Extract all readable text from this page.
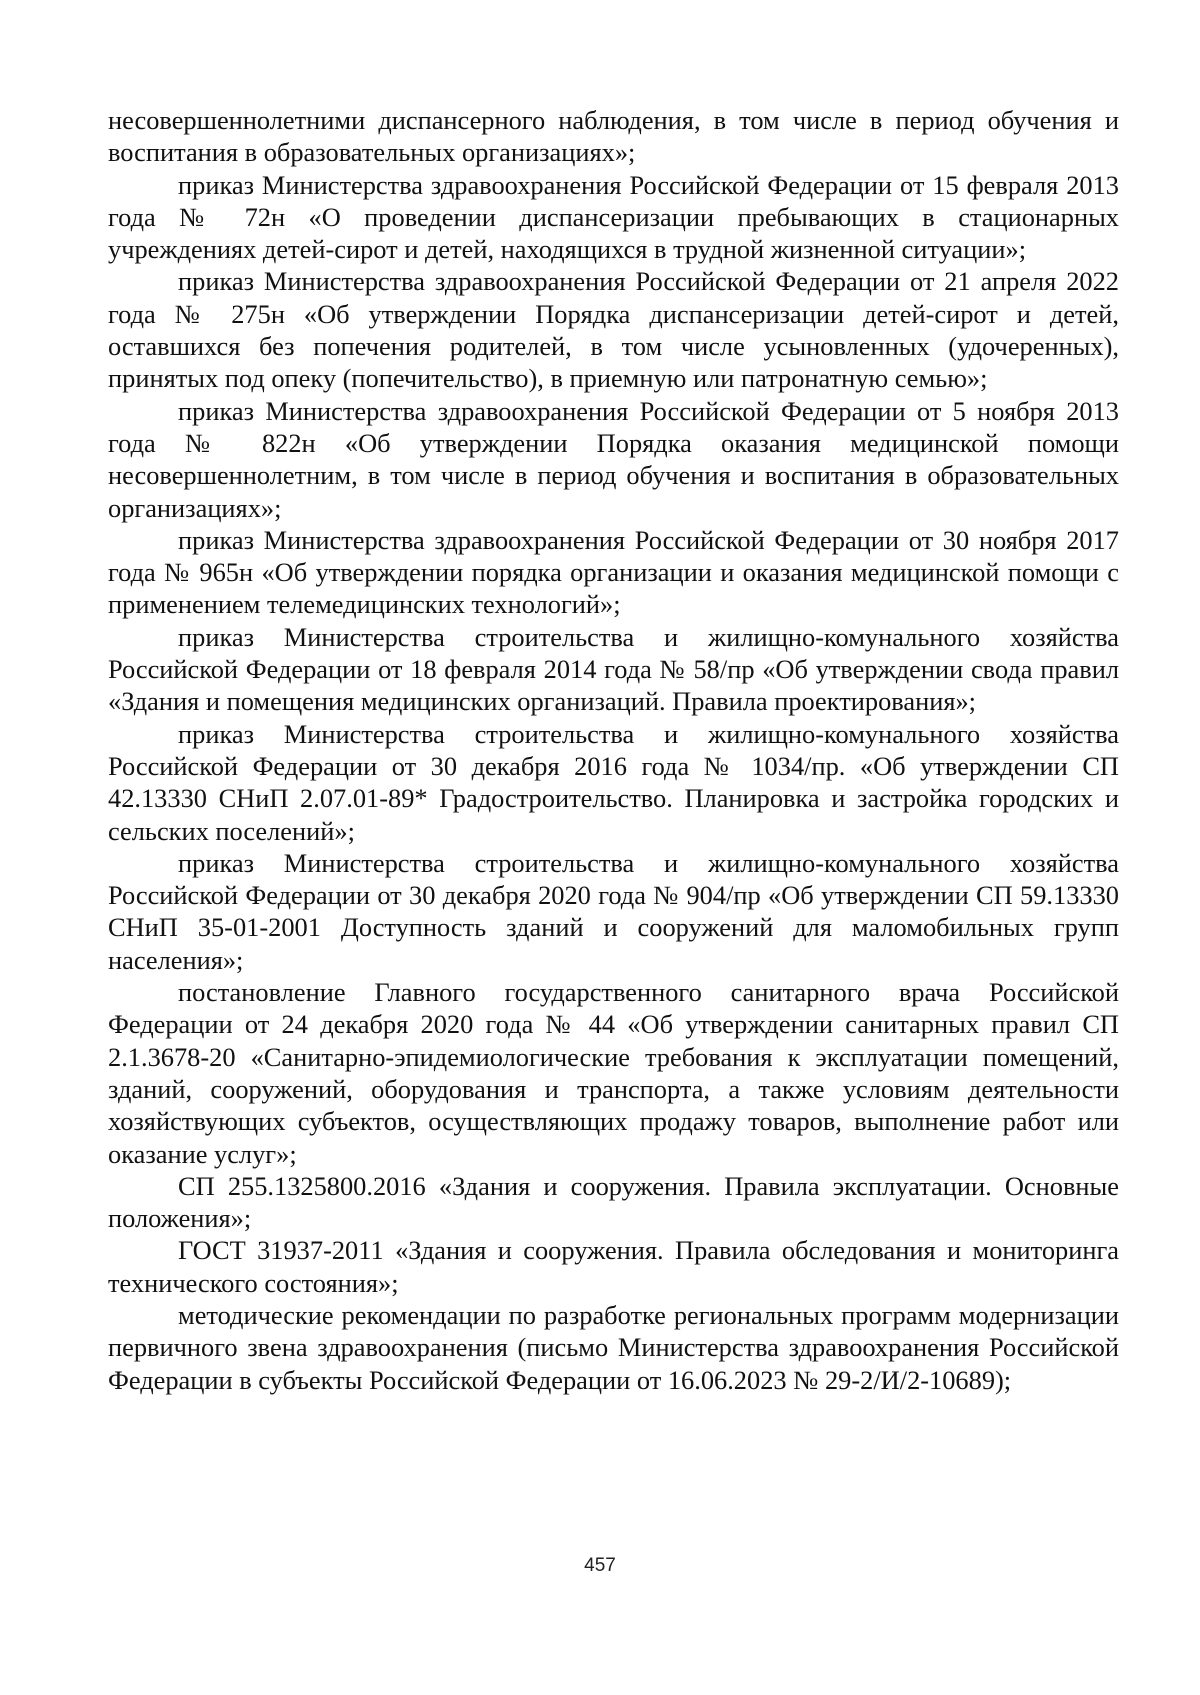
несовершеннолетними диспансерного наблюдения, в том числе в период обучения и воспитания в образовательных организациях»;

приказ Министерства здравоохранения Российской Федерации от 15 февраля 2013 года № 72н «О проведении диспансеризации пребывающих в стационарных учреждениях детей-сирот и детей, находящихся в трудной жизненной ситуации»;

приказ Министерства здравоохранения Российской Федерации от 21 апреля 2022 года № 275н «Об утверждении Порядка диспансеризации детей-сирот и детей, оставшихся без попечения родителей, в том числе усыновленных (удочеренных), принятых под опеку (попечительство), в приемную или патронатную семью»;

приказ Министерства здравоохранения Российской Федерации от 5 ноября 2013 года № 822н «Об утверждении Порядка оказания медицинской помощи несовершеннолетним, в том числе в период обучения и воспитания в образовательных организациях»;

приказ Министерства здравоохранения Российской Федерации от 30 ноября 2017 года № 965н «Об утверждении порядка организации и оказания медицинской помощи с применением телемедицинских технологий»;

приказ Министерства строительства и жилищно-комунального хозяйства Российской Федерации от 18 февраля 2014 года № 58/пр «Об утверждении свода правил «Здания и помещения медицинских организаций. Правила проектирования»;

приказ Министерства строительства и жилищно-комунального хозяйства Российской Федерации от 30 декабря 2016 года № 1034/пр. «Об утверждении СП 42.13330 СНиП 2.07.01-89* Градостроительство. Планировка и застройка городских и сельских поселений»;

приказ Министерства строительства и жилищно-комунального хозяйства Российской Федерации от 30 декабря 2020 года № 904/пр «Об утверждении СП 59.13330 СНиП 35-01-2001 Доступность зданий и сооружений для маломобильных групп населения»;

постановление Главного государственного санитарного врача Российской Федерации от 24 декабря 2020 года № 44 «Об утверждении санитарных правил СП 2.1.3678-20 «Санитарно-эпидемиологические требования к эксплуатации помещений, зданий, сооружений, оборудования и транспорта, а также условиям деятельности хозяйствующих субъектов, осуществляющих продажу товаров, выполнение работ или оказание услуг»;

СП 255.1325800.2016 «Здания и сооружения. Правила эксплуатации. Основные положения»;

ГОСТ 31937-2011 «Здания и сооружения. Правила обследования и мониторинга технического состояния»;

методические рекомендации по разработке региональных программ модернизации первичного звена здравоохранения (письмо Министерства здравоохранения Российской Федерации в субъекты Российской Федерации от 16.06.2023 № 29-2/И/2-10689);

457
